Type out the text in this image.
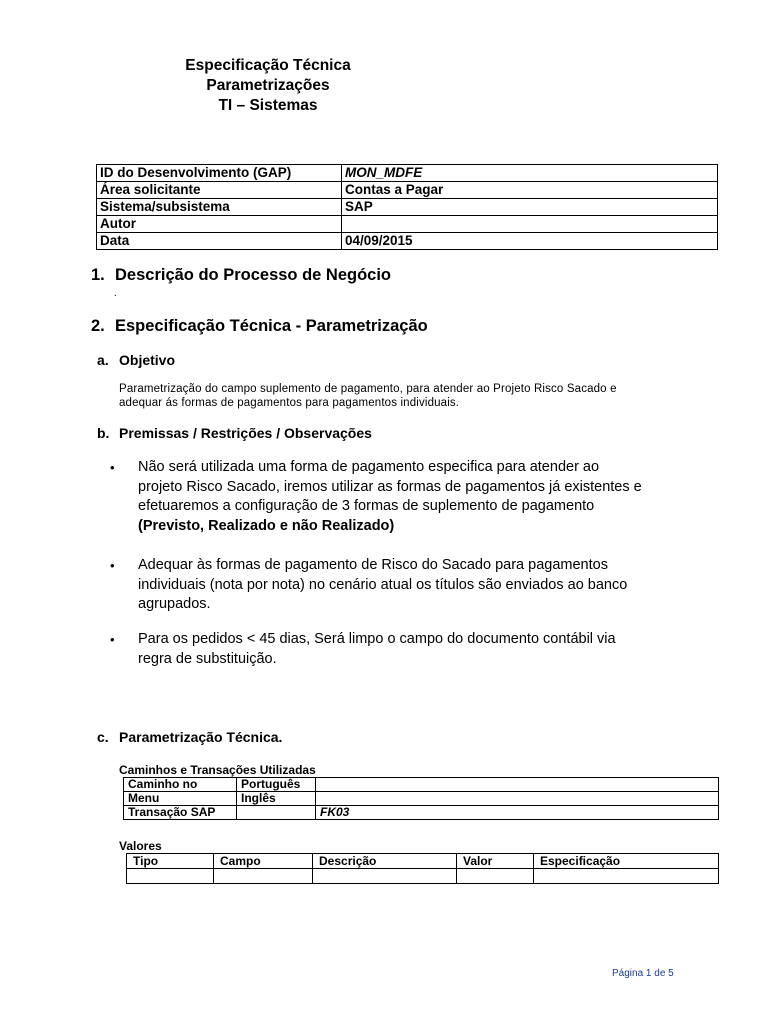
Especificação Técnica
Parametrizações
TI – Sistemas
ID do Desenvolvimento (GAP)	MON_MDFE
Área solicitante	Contas a Pagar
Sistema/subsistema	SAP
Autor	
Data	04/09/2015
1. Descrição do Processo de Negócio
.
2. Especificação Técnica - Parametrização
a. Objetivo
Parametrização do campo suplemento de pagamento, para atender ao Projeto Risco Sacado e
adequar ás formas de pagamentos para pagamentos individuais.
b. Premissas / Restrições / Observações
• Não será utilizada uma forma de pagamento especifica para atender ao
projeto Risco Sacado, iremos utilizar as formas de pagamentos já existentes e
efetuaremos a configuração de 3 formas de suplemento de pagamento
(Previsto, Realizado e não Realizado)
• Adequar às formas de pagamento de Risco do Sacado para pagamentos
individuais (nota por nota) no cenário atual os títulos são enviados ao banco
agrupados.
• Para os pedidos < 45 dias, Será limpo o campo do documento contábil via
regra de substituição.
c. Parametrização Técnica.
Caminhos e Transações Utilizadas
Caminho no	Português	
Menu	Inglês	
Transação SAP		FK03
Valores
Tipo	Campo	Descrição	Valor	Especificação

Página 1 de 5
